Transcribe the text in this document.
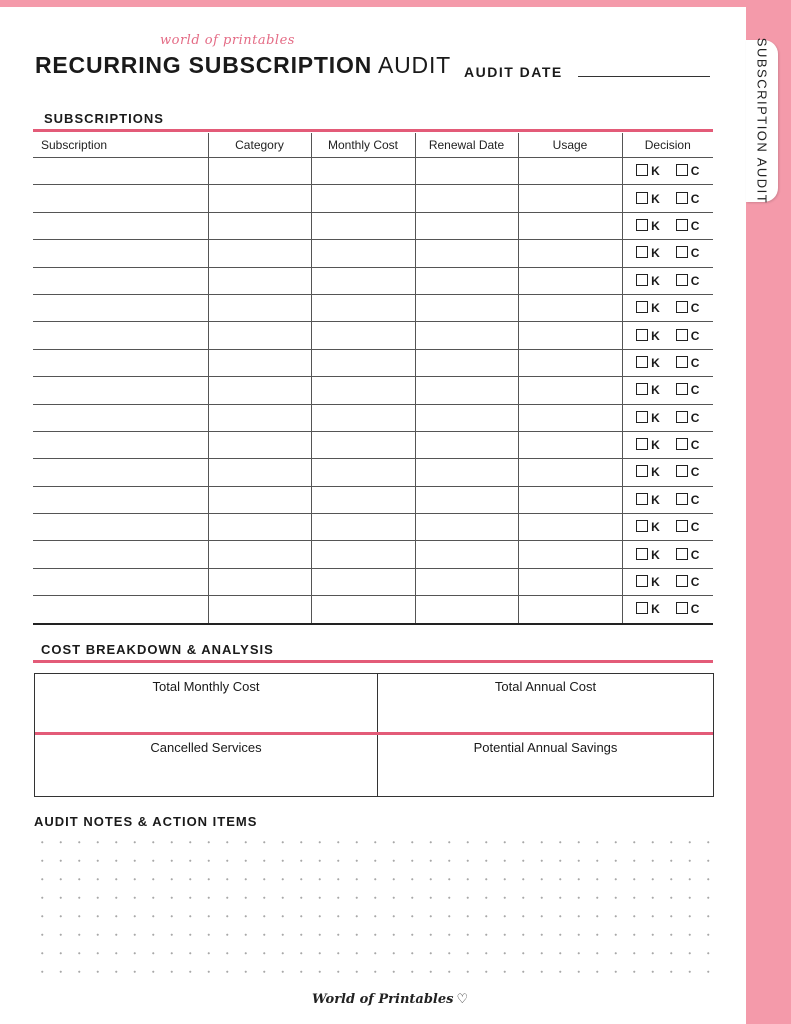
world of printables
RECURRING SUBSCRIPTION AUDIT AUDIT DATE
SUBSCRIPTIONS
Subscription	Category	Monthly Cost	Renewal Date	Usage	Decision
					K C
					K C
					K C
					K C
					K C
					K C
					K C
					K C
					K C
					K C
					K C
					K C
					K C
					K C
					K C
					K C
					K C
COST BREAKDOWN & ANALYSIS
Total Monthly Cost	Total Annual Cost
Cancelled Services	Potential Annual Savings
AUDIT NOTES & ACTION ITEMS
World of Printables ♡
SUBSCRIPTION AUDIT
